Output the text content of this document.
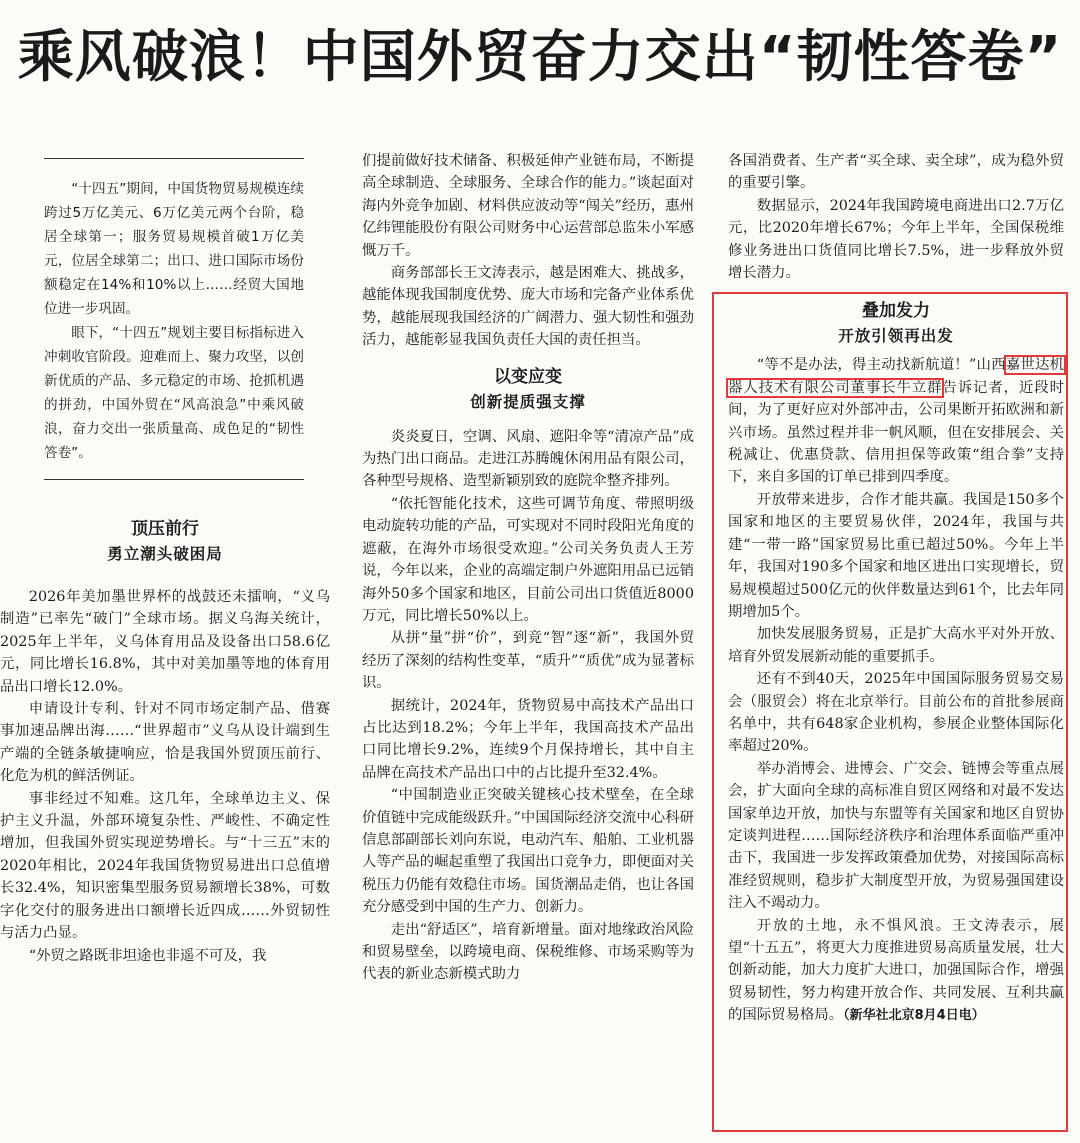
乘风破浪！中国外贸奋力交出“韧性答卷”

“十四五”期间，中国货物贸易规模连续跨过5万亿美元、6万亿美元两个台阶，稳居全球第一；服务贸易规模首破1万亿美元，位居全球第二；出口、进口国际市场份额稳定在14%和10%以上……经贸大国地位进一步巩固。

眼下，“十四五”规划主要目标指标进入冲刺收官阶段。迎难而上、聚力攻坚，以创新优质的产品、多元稳定的市场、抢抓机遇的拼劲，中国外贸在“风高浪急”中乘风破浪，奋力交出一张质量高、成色足的“韧性答卷”。

顶压前行
勇立潮头破困局

2026年美加墨世界杯的战鼓还未擂响，“义乌制造”已率先“破门”全球市场。据义乌海关统计，2025年上半年，义乌体育用品及设备出口58.6亿元，同比增长16.8%，其中对美加墨等地的体育用品出口增长12.0%。

申请设计专利、针对不同市场定制产品、借赛事加速品牌出海……“世界超市”义乌从设计端到生产端的全链条敏捷响应，恰是我国外贸顶压前行、化危为机的鲜活例证。

事非经过不知难。这几年，全球单边主义、保护主义升温，外部环境复杂性、严峻性、不确定性增加，但我国外贸实现逆势增长。与“十三五”末的2020年相比，2024年我国货物贸易进出口总值增长32.4%，知识密集型服务贸易额增长38%，可数字化交付的服务进出口额增长近四成……外贸韧性与活力凸显。

“外贸之路既非坦途也非遥不可及，我

们提前做好技术储备、积极延伸产业链布局，不断提高全球制造、全球服务、全球合作的能力。”谈起面对海内外竞争加剧、材料供应波动等“闯关”经历，惠州亿纬锂能股份有限公司财务中心运营部总监朱小军感慨万千。

商务部部长王文涛表示，越是困难大、挑战多，越能体现我国制度优势、庞大市场和完备产业体系优势，越能展现我国经济的广阔潜力、强大韧性和强劲活力，越能彰显我国负责任大国的责任担当。

以变应变
创新提质强支撑

炎炎夏日，空调、风扇、遮阳伞等“清凉产品”成为热门出口商品。走进江苏腾魄休闲用品有限公司，各种型号规格、造型新颖别致的庭院伞整齐排列。

“依托智能化技术，这些可调节角度、带照明级电动旋转功能的产品，可实现对不同时段阳光角度的遮蔽，在海外市场很受欢迎。”公司关务负责人王芳说，今年以来，企业的高端定制户外遮阳用品已远销海外50多个国家和地区，目前公司出口货值近8000万元，同比增长50%以上。

从拼“量”拼“价”，到竞“智”逐“新”，我国外贸经历了深刻的结构性变革，“质升”“质优”成为显著标识。

据统计，2024年，货物贸易中高技术产品出口占比达到18.2%；今年上半年，我国高技术产品出口同比增长9.2%，连续9个月保持增长，其中自主品牌在高技术产品出口中的占比提升至32.4%。

“中国制造业正突破关键核心技术壁垒，在全球价值链中完成能级跃升。”中国国际经济交流中心科研信息部副部长刘向东说，电动汽车、船舶、工业机器人等产品的崛起重塑了我国出口竞争力，即便面对关税压力仍能有效稳住市场。国货潮品走俏，也让各国充分感受到中国的生产力、创新力。

走出“舒适区”，培育新增量。面对地缘政治风险和贸易壁垒，以跨境电商、保税维修、市场采购等为代表的新业态新模式助力

各国消费者、生产者“买全球、卖全球”，成为稳外贸的重要引擎。

数据显示，2024年我国跨境电商进出口2.7万亿元，比2020年增长67%；今年上半年，全国保税维修业务进出口货值同比增长7.5%，进一步释放外贸增长潜力。

叠加发力
开放引领再出发

“等不是办法，得主动找新航道！”山西嘉世达机器人技术有限公司董事长牛立群告诉记者，近段时间，为了更好应对外部冲击，公司果断开拓欧洲和新兴市场。虽然过程并非一帆风顺，但在安排展会、关税减让、优惠贷款、信用担保等政策“组合拳”支持下，来自多国的订单已排到四季度。

开放带来进步，合作才能共赢。我国是150多个国家和地区的主要贸易伙伴，2024年，我国与共建“一带一路”国家贸易比重已超过50%。今年上半年，我国对190多个国家和地区进出口实现增长，贸易规模超过500亿元的伙伴数量达到61个，比去年同期增加5个。

加快发展服务贸易，正是扩大高水平对外开放、培育外贸发展新动能的重要抓手。

还有不到40天，2025年中国国际服务贸易交易会（服贸会）将在北京举行。目前公布的首批参展商名单中，共有648家企业机构，参展企业整体国际化率超过20%。

举办消博会、进博会、广交会、链博会等重点展会，扩大面向全球的高标准自贸区网络和对最不发达国家单边开放，加快与东盟等有关国家和地区自贸协定谈判进程……国际经济秩序和治理体系面临严重冲击下，我国进一步发挥政策叠加优势，对接国际高标准经贸规则，稳步扩大制度型开放，为贸易强国建设注入不竭动力。

开放的土地，永不惧风浪。王文涛表示，展望“十五五”，将更大力度推进贸易高质量发展，壮大创新动能，加大力度扩大进口，加强国际合作，增强贸易韧性，努力构建开放合作、共同发展、互利共赢的国际贸易格局。（新华社北京8月4日电）
